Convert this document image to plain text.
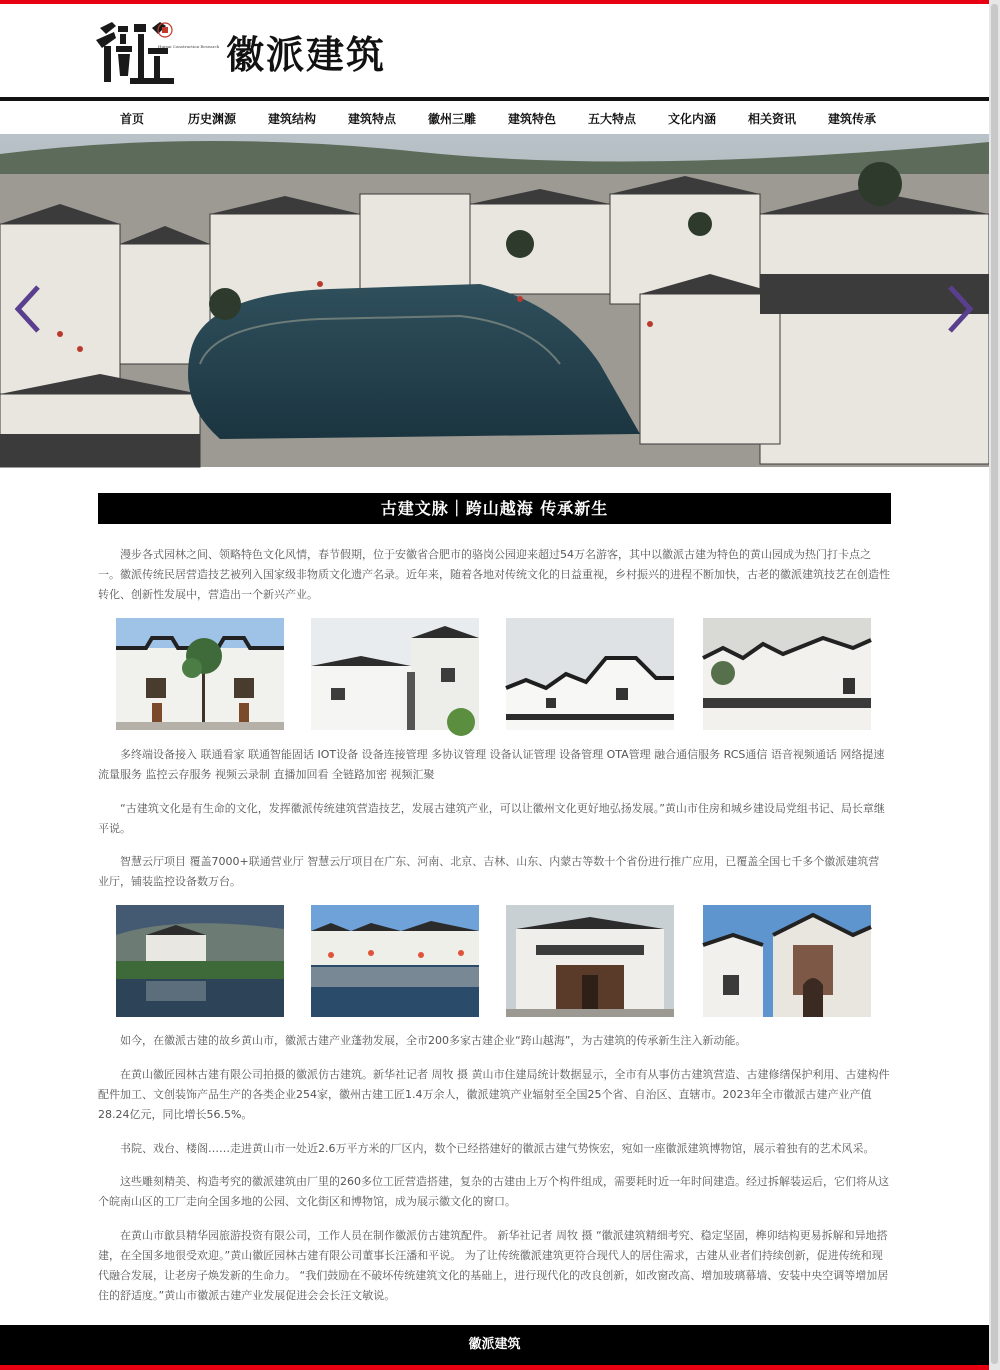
Huipai Construction Research 徽派建筑
首页	历史渊源	建筑结构	建筑特点	徽州三雕	建筑特色	五大特点	文化内涵	相关资讯	建筑传承
古建文脉｜跨山越海 传承新生

漫步各式园林之间、领略特色文化风情，春节假期，位于安徽省合肥市的骆岗公园迎来超过54万名游客，其中以徽派古建为特色的黄山园成为热门打卡点之一。徽派传统民居营造技艺被列入国家级非物质文化遗产名录。近年来，随着各地对传统文化的日益重视，乡村振兴的进程不断加快，古老的徽派建筑技艺在创造性转化、创新性发展中，营造出一个新兴产业。

多终端设备接入 联通看家 联通智能固话 IOT设备 设备连接管理 多协议管理 设备认证管理 设备管理 OTA管理 融合通信服务 RCS通信 语音视频通话 网络提速 流量服务 监控云存服务 视频云录制 直播加回看 全链路加密 视频汇聚

“古建筑文化是有生命的文化，发挥徽派传统建筑营造技艺，发展古建筑产业，可以让徽州文化更好地弘扬发展。”黄山市住房和城乡建设局党组书记、局长章继平说。

智慧云厅项目 覆盖7000+联通营业厅 智慧云厅项目在广东、河南、北京、吉林、山东、内蒙古等数十个省份进行推广应用，已覆盖全国七千多个徽派建筑营业厅，铺装监控设备数万台。

如今，在徽派古建的故乡黄山市，徽派古建产业蓬勃发展，全市200多家古建企业“跨山越海”，为古建筑的传承新生注入新动能。

在黄山徽匠园林古建有限公司拍摄的徽派仿古建筑。新华社记者 周牧 摄 黄山市住建局统计数据显示，全市有从事仿古建筑营造、古建修缮保护利用、古建构件配件加工、文创装饰产品生产的各类企业254家，徽州古建工匠1.4万余人，徽派建筑产业辐射至全国25个省、自治区、直辖市。2023年全市徽派古建产业产值28.24亿元，同比增长56.5%。

书院、戏台、楼阁……走进黄山市一处近2.6万平方米的厂区内，数个已经搭建好的徽派古建气势恢宏，宛如一座徽派建筑博物馆，展示着独有的艺术风采。

这些雕刻精美、构造考究的徽派建筑由厂里的260多位工匠营造搭建，复杂的古建由上万个构件组成，需要耗时近一年时间建造。经过拆解装运后，它们将从这个皖南山区的工厂走向全国多地的公园、文化街区和博物馆，成为展示徽文化的窗口。

在黄山市歙县精华园旅游投资有限公司，工作人员在制作徽派仿古建筑配件。 新华社记者 周牧 摄 “徽派建筑精细考究、稳定坚固，榫卯结构更易拆解和异地搭建，在全国多地很受欢迎。”黄山徽匠园林古建有限公司董事长汪潘和平说。 为了让传统徽派建筑更符合现代人的居住需求，古建从业者们持续创新，促进传统和现代融合发展，让老房子焕发新的生命力。 “我们鼓励在不破坏传统建筑文化的基础上，进行现代化的改良创新，如改窗改高、增加玻璃幕墙、安装中央空调等增加居住的舒适度。”黄山市徽派古建产业发展促进会会长汪文敏说。

徽派建筑
